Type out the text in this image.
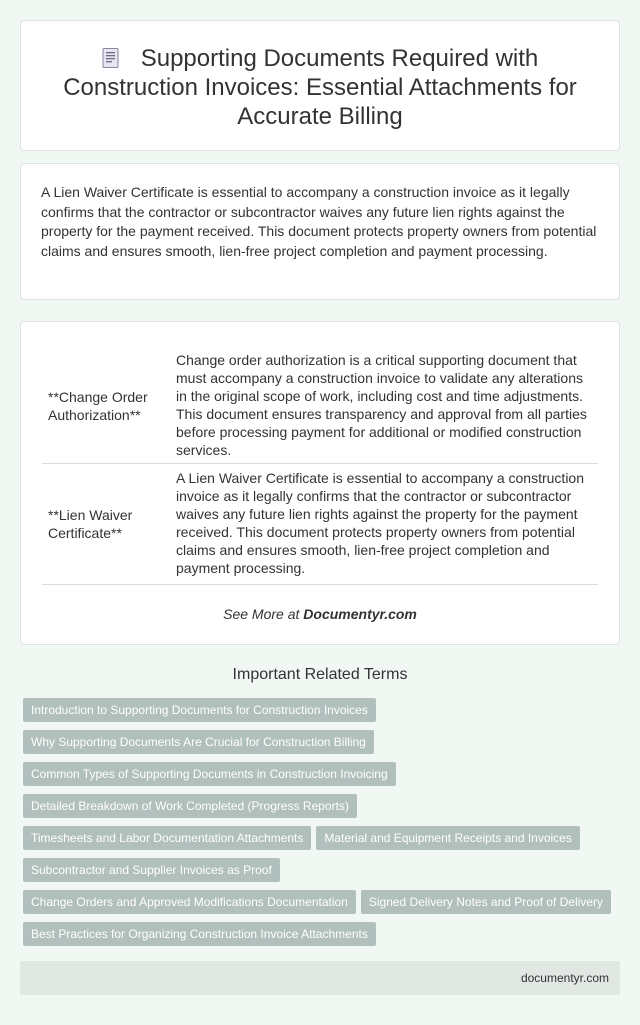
Supporting Documents Required with Construction Invoices: Essential Attachments for Accurate Billing

A Lien Waiver Certificate is essential to accompany a construction invoice as it legally confirms that the contractor or subcontractor waives any future lien rights against the property for the payment received. This document protects property owners from potential claims and ensures smooth, lien-free project completion and payment processing.

**Change Order Authorization**	Change order authorization is a critical supporting document that must accompany a construction invoice to validate any alterations in the original scope of work, including cost and time adjustments. This document ensures transparency and approval from all parties before processing payment for additional or modified construction services.
**Lien Waiver Certificate**	A Lien Waiver Certificate is essential to accompany a construction invoice as it legally confirms that the contractor or subcontractor waives any future lien rights against the property for the payment received. This document protects property owners from potential claims and ensures smooth, lien-free project completion and payment processing.
See More at Documentyr.com
Important Related Terms
Introduction to Supporting Documents for Construction Invoices
Why Supporting Documents Are Crucial for Construction Billing
Common Types of Supporting Documents in Construction Invoicing
Detailed Breakdown of Work Completed (Progress Reports)
Timesheets and Labor Documentation Attachments Material and Equipment Receipts and Invoices
Subcontractor and Supplier Invoices as Proof
Change Orders and Approved Modifications Documentation Signed Delivery Notes and Proof of Delivery
Best Practices for Organizing Construction Invoice Attachments
documentyr.com
